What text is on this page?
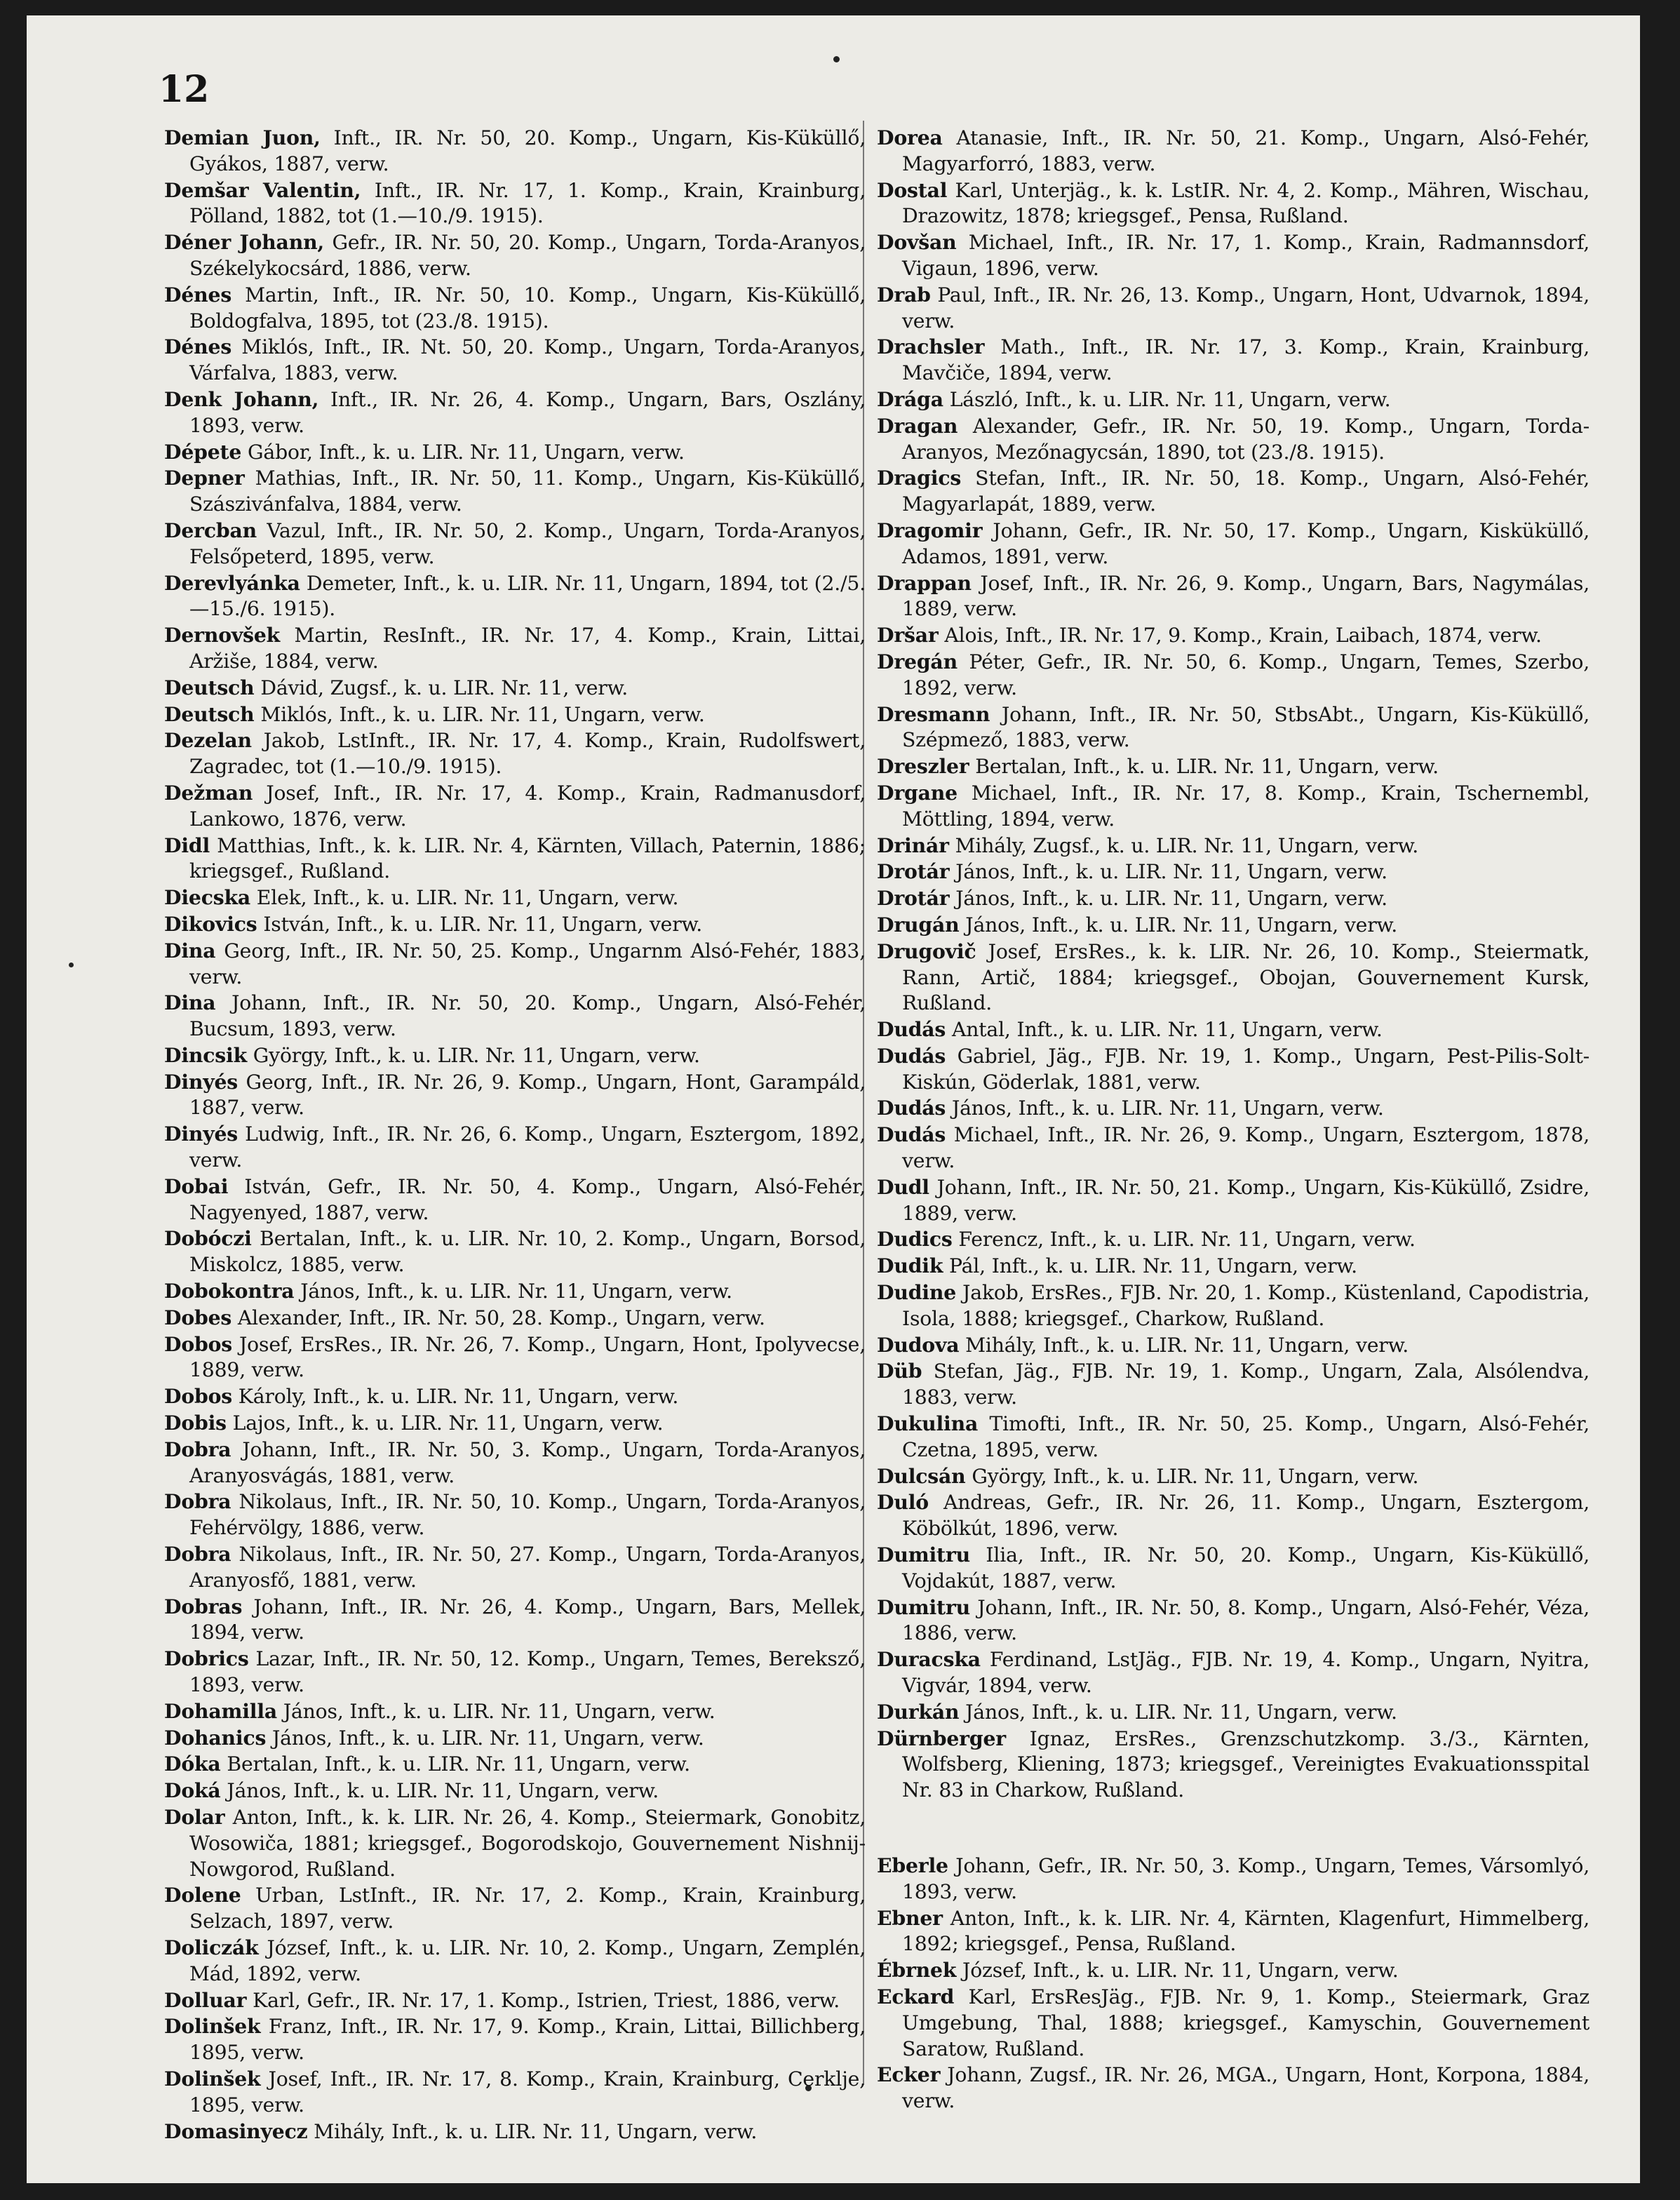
12
Demian Juon, Inft., IR. Nr. 50, 20. Komp., Ungarn, Kis-Küküllő, Gyákos, 1887, verw.
Demšar Valentin, Inft., IR. Nr. 17, 1. Komp., Krain, Krainburg, Pölland, 1882, tot (1.—10./9. 1915).
Déner Johann, Gefr., IR. Nr. 50, 20. Komp., Ungarn, Torda-Aranyos, Székelykocsárd, 1886, verw.
Dénes Martin, Inft., IR. Nr. 50, 10. Komp., Ungarn, Kis-Küküllő, Boldogfalva, 1895, tot (23./8. 1915).
Dénes Miklós, Inft., IR. Nt. 50, 20. Komp., Ungarn, Torda-Aranyos, Várfalva, 1883, verw.
Denk Johann, Inft., IR. Nr. 26, 4. Komp., Ungarn, Bars, Oszlány, 1893, verw.
Dépete Gábor, Inft., k. u. LIR. Nr. 11, Ungarn, verw.
Depner Mathias, Inft., IR. Nr. 50, 11. Komp., Ungarn, Kis-Küküllő, Szászivánfalva, 1884, verw.
Dercban Vazul, Inft., IR. Nr. 50, 2. Komp., Ungarn, Torda-Aranyos, Felsőpeterd, 1895, verw.
Derevlyánka Demeter, Inft., k. u. LIR. Nr. 11, Ungarn, 1894, tot (2./5.—15./6. 1915).
Dernovšek Martin, ResInft., IR. Nr. 17, 4. Komp., Krain, Littai, Aržiše, 1884, verw.
Deutsch Dávid, Zugsf., k. u. LIR. Nr. 11, verw.
Deutsch Miklós, Inft., k. u. LIR. Nr. 11, Ungarn, verw.
Dezelan Jakob, LstInft., IR. Nr. 17, 4. Komp., Krain, Rudolfswert, Zagradec, tot (1.—10./9. 1915).
Dežman Josef, Inft., IR. Nr. 17, 4. Komp., Krain, Radmanusdorf, Lankowo, 1876, verw.
Didl Matthias, Inft., k. k. LIR. Nr. 4, Kärnten, Villach, Paternin, 1886; kriegsgef., Rußland.
Diecska Elek, Inft., k. u. LIR. Nr. 11, Ungarn, verw.
Dikovics István, Inft., k. u. LIR. Nr. 11, Ungarn, verw.
Dina Georg, Inft., IR. Nr. 50, 25. Komp., Ungarnm Alsó-Fehér, 1883, verw.
Dina Johann, Inft., IR. Nr. 50, 20. Komp., Ungarn, Alsó-Fehér, Bucsum, 1893, verw.
Dincsik György, Inft., k. u. LIR. Nr. 11, Ungarn, verw.
Dinyés Georg, Inft., IR. Nr. 26, 9. Komp., Ungarn, Hont, Garampáld, 1887, verw.
Dinyés Ludwig, Inft., IR. Nr. 26, 6. Komp., Ungarn, Esztergom, 1892, verw.
Dobai István, Gefr., IR. Nr. 50, 4. Komp., Ungarn, Alsó-Fehér, Nagyenyed, 1887, verw.
Dobóczi Bertalan, Inft., k. u. LIR. Nr. 10, 2. Komp., Ungarn, Borsod, Miskolcz, 1885, verw.
Dobokontra János, Inft., k. u. LIR. Nr. 11, Ungarn, verw.
Dobes Alexander, Inft., IR. Nr. 50, 28. Komp., Ungarn, verw.
Dobos Josef, ErsRes., IR. Nr. 26, 7. Komp., Ungarn, Hont, Ipolyvecse, 1889, verw.
Dobos Károly, Inft., k. u. LIR. Nr. 11, Ungarn, verw.
Dobis Lajos, Inft., k. u. LIR. Nr. 11, Ungarn, verw.
Dobra Johann, Inft., IR. Nr. 50, 3. Komp., Ungarn, Torda-Aranyos, Aranyosvágás, 1881, verw.
Dobra Nikolaus, Inft., IR. Nr. 50, 10. Komp., Ungarn, Torda-Aranyos, Fehérvölgy, 1886, verw.
Dobra Nikolaus, Inft., IR. Nr. 50, 27. Komp., Ungarn, Torda-Aranyos, Aranyosfő, 1881, verw.
Dobras Johann, Inft., IR. Nr. 26, 4. Komp., Ungarn, Bars, Mellek, 1894, verw.
Dobrics Lazar, Inft., IR. Nr. 50, 12. Komp., Ungarn, Temes, Bereksző, 1893, verw.
Dohamilla János, Inft., k. u. LIR. Nr. 11, Ungarn, verw.
Dohanics János, Inft., k. u. LIR. Nr. 11, Ungarn, verw.
Dóka Bertalan, Inft., k. u. LIR. Nr. 11, Ungarn, verw.
Doká János, Inft., k. u. LIR. Nr. 11, Ungarn, verw.
Dolar Anton, Inft., k. k. LIR. Nr. 26, 4. Komp., Steiermark, Gonobitz, Wosowiča, 1881; kriegsgef., Bogorodskojo, Gouvernement Nishnij-Nowgorod, Rußland.
Dolene Urban, LstInft., IR. Nr. 17, 2. Komp., Krain, Krainburg, Selzach, 1897, verw.
Doliczák József, Inft., k. u. LIR. Nr. 10, 2. Komp., Ungarn, Zemplén, Mád, 1892, verw.
Dolluar Karl, Gefr., IR. Nr. 17, 1. Komp., Istrien, Triest, 1886, verw.
Dolinšek Franz, Inft., IR. Nr. 17, 9. Komp., Krain, Littai, Billichberg, 1895, verw.
Dolinšek Josef, Inft., IR. Nr. 17, 8. Komp., Krain, Krainburg, Cerklje, 1895, verw.
Domasinyecz Mihály, Inft., k. u. LIR. Nr. 11, Ungarn, verw.
Dorea Atanasie, Inft., IR. Nr. 50, 21. Komp., Ungarn, Alsó-Fehér, Magyarforró, 1883, verw.
Dostal Karl, Unterjäg., k. k. LstIR. Nr. 4, 2. Komp., Mähren, Wischau, Drazowitz, 1878; kriegsgef., Pensa, Rußland.
Dovšan Michael, Inft., IR. Nr. 17, 1. Komp., Krain, Radmannsdorf, Vigaun, 1896, verw.
Drab Paul, Inft., IR. Nr. 26, 13. Komp., Ungarn, Hont, Udvarnok, 1894, verw.
Drachsler Math., Inft., IR. Nr. 17, 3. Komp., Krain, Krainburg, Mavčiče, 1894, verw.
Drága László, Inft., k. u. LIR. Nr. 11, Ungarn, verw.
Dragan Alexander, Gefr., IR. Nr. 50, 19. Komp., Ungarn, Torda-Aranyos, Mezőnagycsán, 1890, tot (23./8. 1915).
Dragics Stefan, Inft., IR. Nr. 50, 18. Komp., Ungarn, Alsó-Fehér, Magyarlapát, 1889, verw.
Dragomir Johann, Gefr., IR. Nr. 50, 17. Komp., Ungarn, Kisküküllő, Adamos, 1891, verw.
Drappan Josef, Inft., IR. Nr. 26, 9. Komp., Ungarn, Bars, Nagymálas, 1889, verw.
Dršar Alois, Inft., IR. Nr. 17, 9. Komp., Krain, Laibach, 1874, verw.
Dregán Péter, Gefr., IR. Nr. 50, 6. Komp., Ungarn, Temes, Szerbo, 1892, verw.
Dresmann Johann, Inft., IR. Nr. 50, StbsAbt., Ungarn, Kis-Küküllő, Szépmező, 1883, verw.
Dreszler Bertalan, Inft., k. u. LIR. Nr. 11, Ungarn, verw.
Drgane Michael, Inft., IR. Nr. 17, 8. Komp., Krain, Tschernembl, Möttling, 1894, verw.
Drinár Mihály, Zugsf., k. u. LIR. Nr. 11, Ungarn, verw.
Drotár János, Inft., k. u. LIR. Nr. 11, Ungarn, verw.
Drotár János, Inft., k. u. LIR. Nr. 11, Ungarn, verw.
Drugán János, Inft., k. u. LIR. Nr. 11, Ungarn, verw.
Drugovič Josef, ErsRes., k. k. LIR. Nr. 26, 10. Komp., Steiermatk, Rann, Artič, 1884; kriegsgef., Obojan, Gouvernement Kursk, Rußland.
Dudás Antal, Inft., k. u. LIR. Nr. 11, Ungarn, verw.
Dudás Gabriel, Jäg., FJB. Nr. 19, 1. Komp., Ungarn, Pest-Pilis-Solt-Kiskún, Göderlak, 1881, verw.
Dudás János, Inft., k. u. LIR. Nr. 11, Ungarn, verw.
Dudás Michael, Inft., IR. Nr. 26, 9. Komp., Ungarn, Esztergom, 1878, verw.
Dudl Johann, Inft., IR. Nr. 50, 21. Komp., Ungarn, Kis-Küküllő, Zsidre, 1889, verw.
Dudics Ferencz, Inft., k. u. LIR. Nr. 11, Ungarn, verw.
Dudik Pál, Inft., k. u. LIR. Nr. 11, Ungarn, verw.
Dudine Jakob, ErsRes., FJB. Nr. 20, 1. Komp., Küstenland, Capodistria, Isola, 1888; kriegsgef., Charkow, Rußland.
Dudova Mihály, Inft., k. u. LIR. Nr. 11, Ungarn, verw.
Düb Stefan, Jäg., FJB. Nr. 19, 1. Komp., Ungarn, Zala, Alsólendva, 1883, verw.
Dukulina Timofti, Inft., IR. Nr. 50, 25. Komp., Ungarn, Alsó-Fehér, Czetna, 1895, verw.
Dulcsán György, Inft., k. u. LIR. Nr. 11, Ungarn, verw.
Duló Andreas, Gefr., IR. Nr. 26, 11. Komp., Ungarn, Esztergom, Köbölkút, 1896, verw.
Dumitru Ilia, Inft., IR. Nr. 50, 20. Komp., Ungarn, Kis-Küküllő, Vojdakút, 1887, verw.
Dumitru Johann, Inft., IR. Nr. 50, 8. Komp., Ungarn, Alsó-Fehér, Véza, 1886, verw.
Duracska Ferdinand, LstJäg., FJB. Nr. 19, 4. Komp., Ungarn, Nyitra, Vigvár, 1894, verw.
Durkán János, Inft., k. u. LIR. Nr. 11, Ungarn, verw.
Dürnberger Ignaz, ErsRes., Grenzschutzkomp. 3./3., Kärnten, Wolfsberg, Kliening, 1873; kriegsgef., Vereinigtes Evakuationsspital Nr. 83 in Charkow, Rußland.
Eberle Johann, Gefr., IR. Nr. 50, 3. Komp., Ungarn, Temes, Vársomlyó, 1893, verw.
Ebner Anton, Inft., k. k. LIR. Nr. 4, Kärnten, Klagenfurt, Himmelberg, 1892; kriegsgef., Pensa, Rußland.
Ébrnek József, Inft., k. u. LIR. Nr. 11, Ungarn, verw.
Eckard Karl, ErsResJäg., FJB. Nr. 9, 1. Komp., Steiermark, Graz Umgebung, Thal, 1888; kriegsgef., Kamyschin, Gouvernement Saratow, Rußland.
Ecker Johann, Zugsf., IR. Nr. 26, MGA., Ungarn, Hont, Korpona, 1884, verw.
